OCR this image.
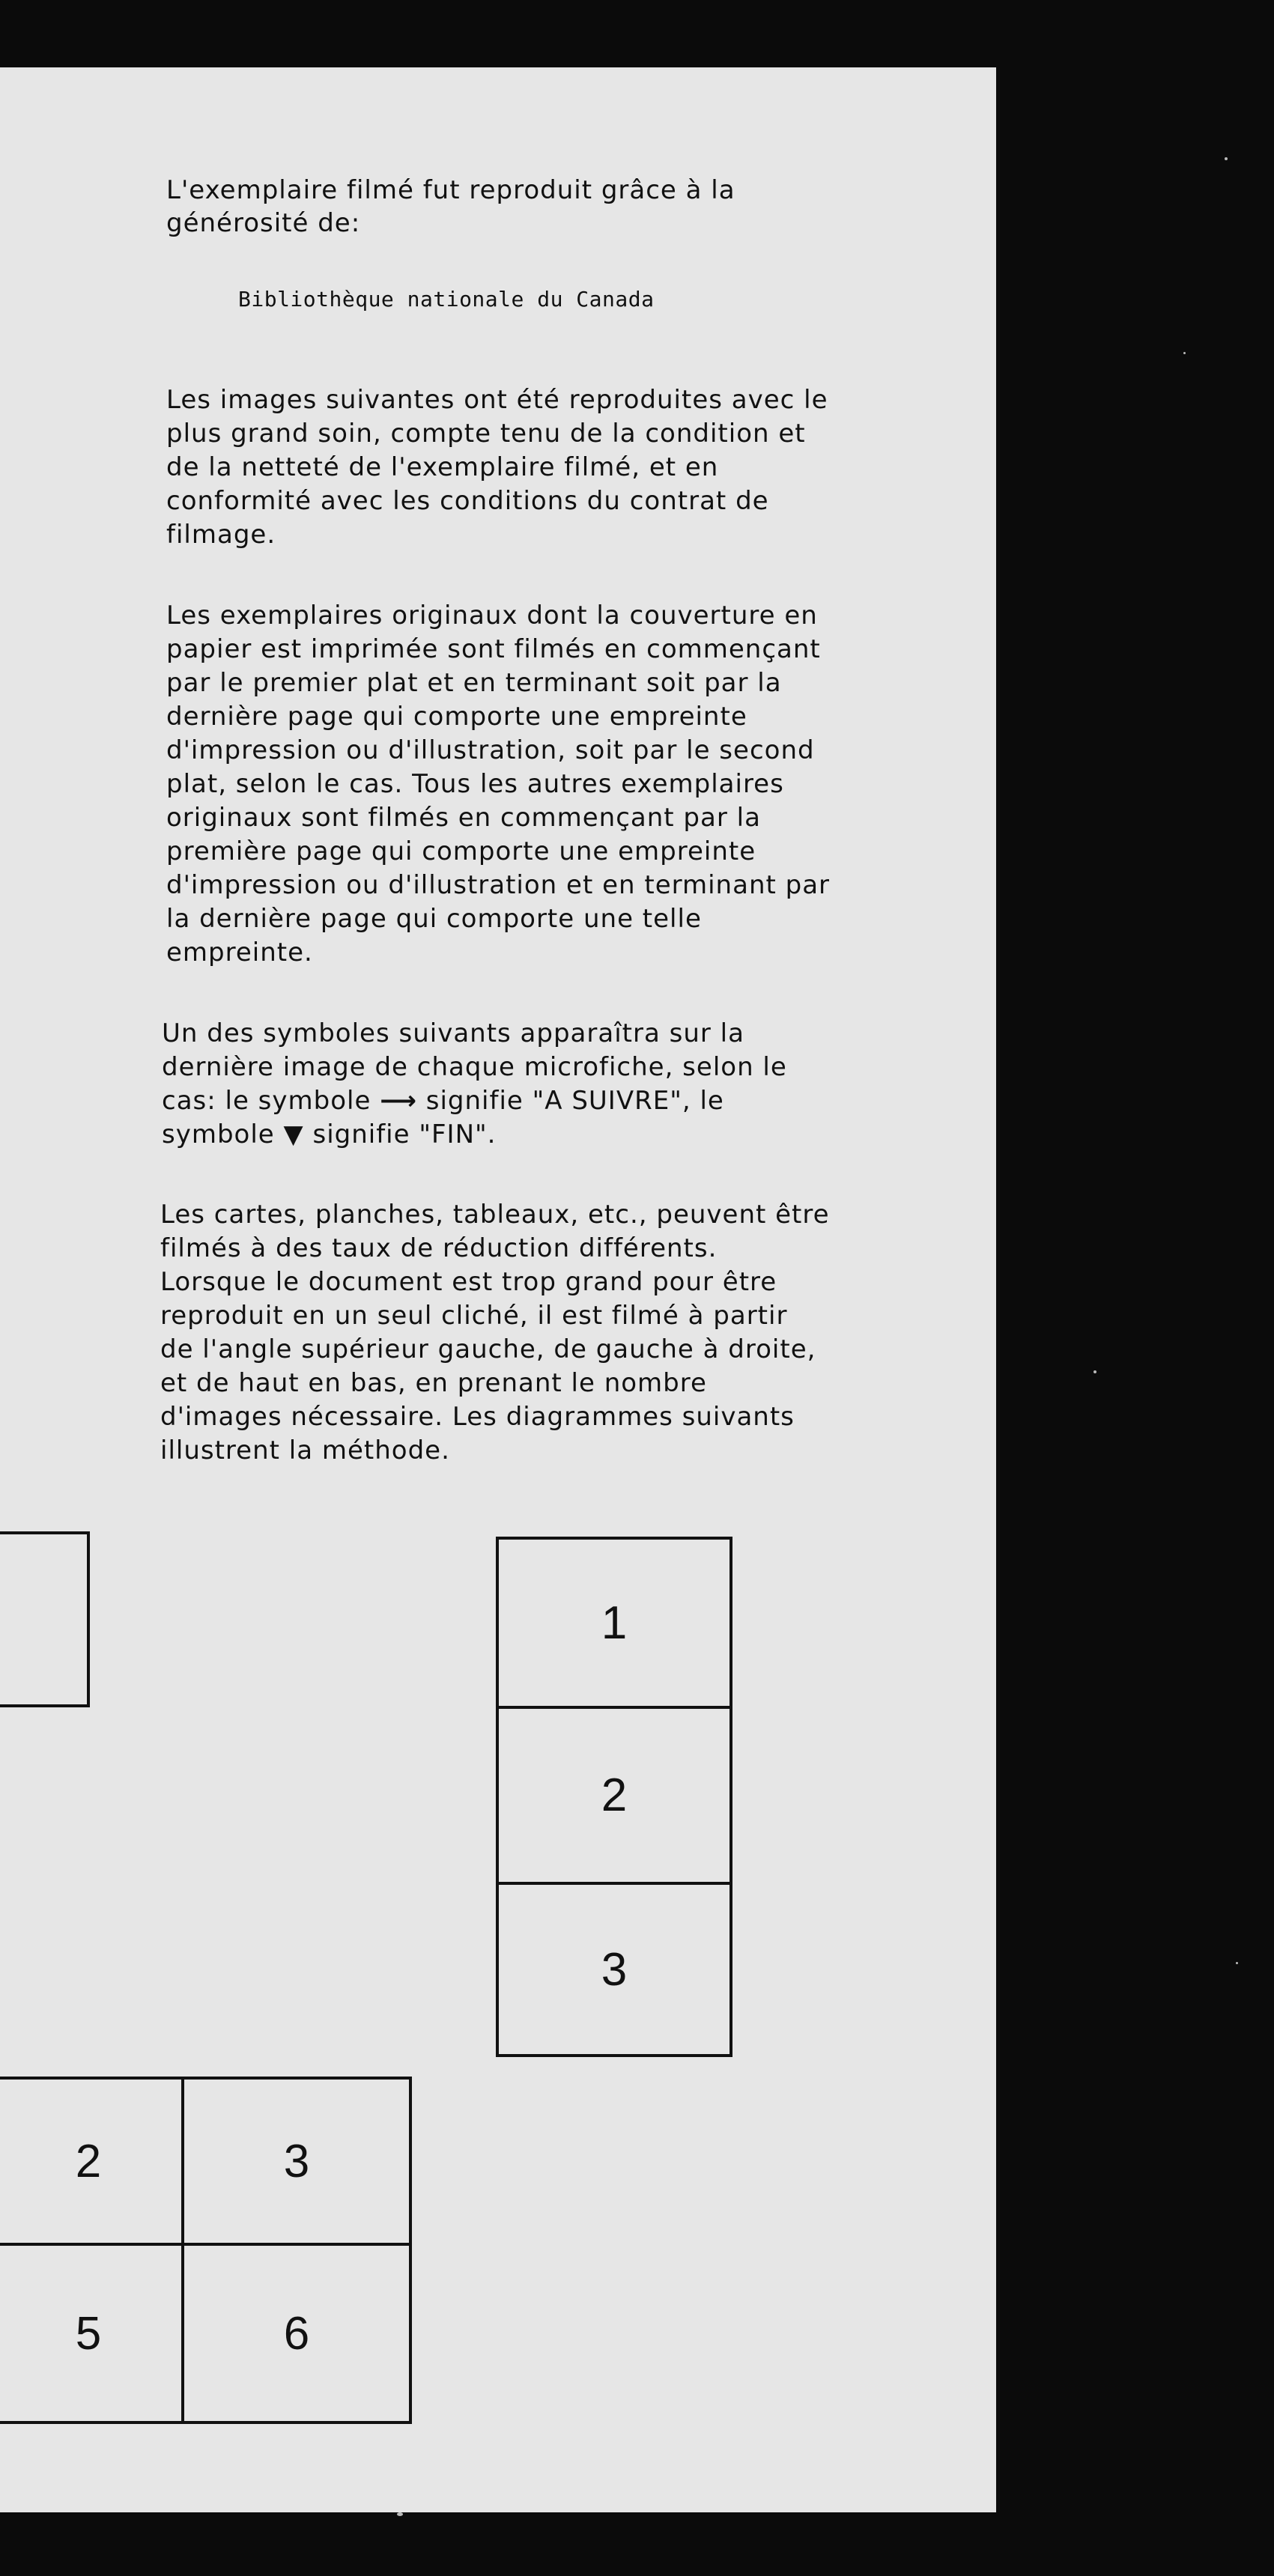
L'exemplaire filmé fut reproduit grâce à la
générosité de:
Bibliothèque nationale du Canada
Les images suivantes ont été reproduites avec le
plus grand soin, compte tenu de la condition et
de la netteté de l'exemplaire filmé, et en
conformité avec les conditions du contrat de
filmage.
Les exemplaires originaux dont la couverture en
papier est imprimée sont filmés en commençant
par le premier plat et en terminant soit par la
dernière page qui comporte une empreinte
d'impression ou d'illustration, soit par le second
plat, selon le cas. Tous les autres exemplaires
originaux sont filmés en commençant par la
première page qui comporte une empreinte
d'impression ou d'illustration et en terminant par
la dernière page qui comporte une telle
empreinte.
Un des symboles suivants apparaîtra sur la
dernière image de chaque microfiche, selon le
cas: le symbole ⟶ signifie "A SUIVRE", le
symbole ▼ signifie "FIN".
Les cartes, planches, tableaux, etc., peuvent être
filmés à des taux de réduction différents.
Lorsque le document est trop grand pour être
reproduit en un seul cliché, il est filmé à partir
de l'angle supérieur gauche, de gauche à droite,
et de haut en bas, en prenant le nombre
d'images nécessaire. Les diagrammes suivants
illustrent la méthode.
1
2
3
2	3
5	6
